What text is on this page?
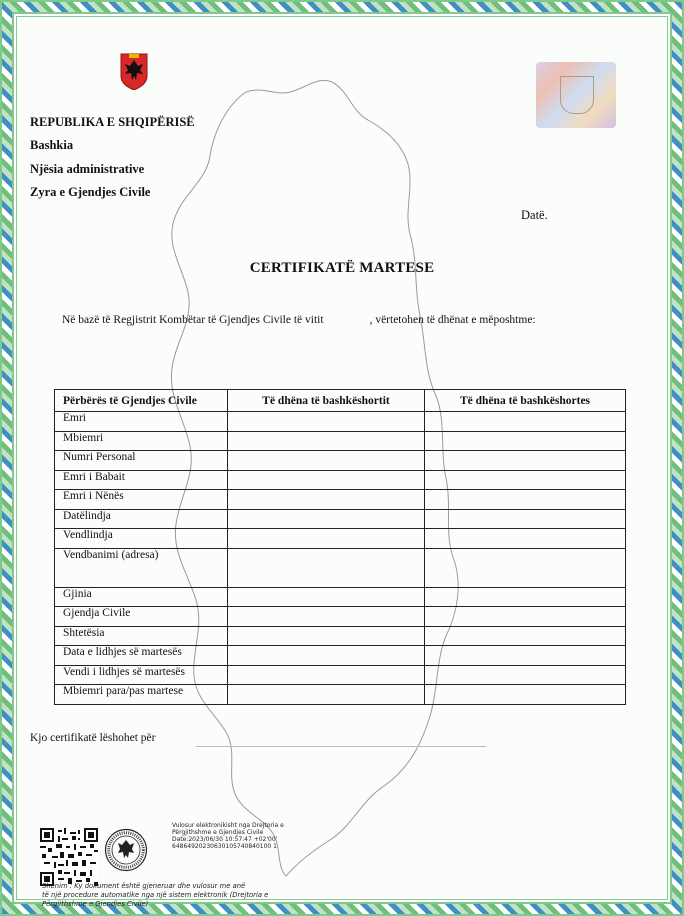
REPUBLIKA E SHQIPËRISË
Bashkia
Njësia administrative
Zyra e Gjendjes Civile
Datë.
CERTIFIKATË MARTESE
Në bazë të Regjistrit Kombëtar të Gjendjes Civile të vitit	, vërtetohen të dhënat e mëposhtme:
Përbërës të Gjendjes Civile	Të dhëna të bashkëshortit	Të dhëna të bashkëshortes
Emri		
Mbiemri		
Numri Personal		
Emri i Babait		
Emri i Nënës		
Datëlindja		
Vendlindja		
Vendbanimi (adresa)		
Gjinia		
Gjendja Civile		
Shtetësia		
Data e lidhjes së martesës		
Vendi i lidhjes së martesës		
Mbiemri para/pas martese		
Kjo certifikatë lëshohet për
Vulosur elektronikisht nga Drejtoria e
Përgjithshme e Gjendjes Civile
Date:2023/06/30 10:57:47 +02'00'
64864920230630105740840100 1
Shënim : Ky dokument është gjeneruar dhe vulosur me anë
të një procedure automatike nga një sistem elektronik (Drejtoria e
Përgjithshme e Gjendjes Civile)
